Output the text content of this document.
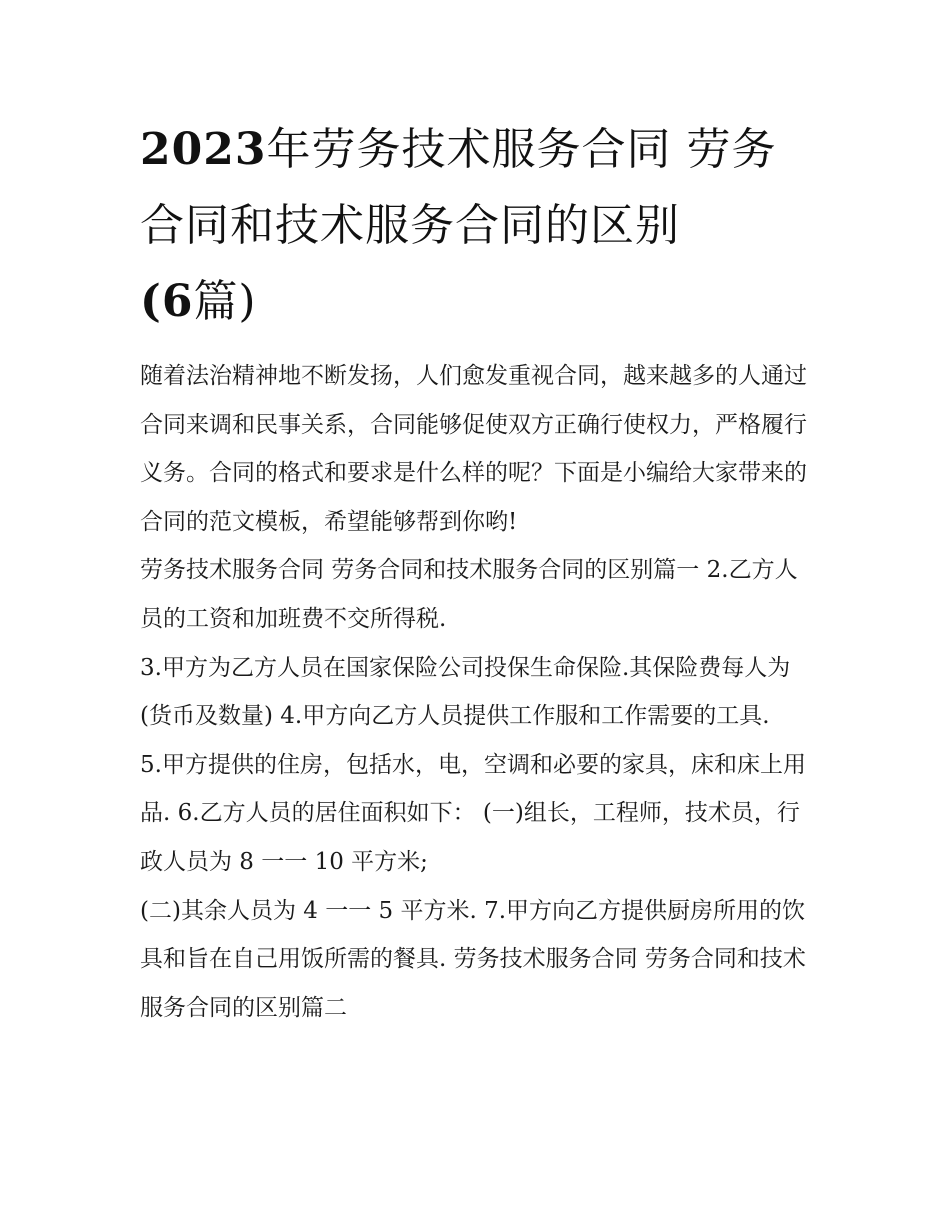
2023年劳务技术服务合同 劳务合同和技术服务合同的区别
(6篇)

随着法治精神地不断发扬，人们愈发重视合同，越来越多的人通过合同来调和民事关系，合同能够促使双方正确行使权力，严格履行义务。合同的格式和要求是什么样的呢？下面是小编给大家带来的合同的范文模板，希望能够帮到你哟!

劳务技术服务合同 劳务合同和技术服务合同的区别篇一 2.乙方人员的工资和加班费不交所得税.

3.甲方为乙方人员在国家保险公司投保生命保险.其保险费每人为(货币及数量) 4.甲方向乙方人员提供工作服和工作需要的工具.

5.甲方提供的住房，包括水，电，空调和必要的家具，床和床上用品. 6.乙方人员的居住面积如下： (一)组长，工程师，技术员，行政人员为 8 一一 10 平方米;

(二)其余人员为 4 一一 5 平方米. 7.甲方向乙方提供厨房所用的饮具和旨在自己用饭所需的餐具. 劳务技术服务合同 劳务合同和技术服务合同的区别篇二
